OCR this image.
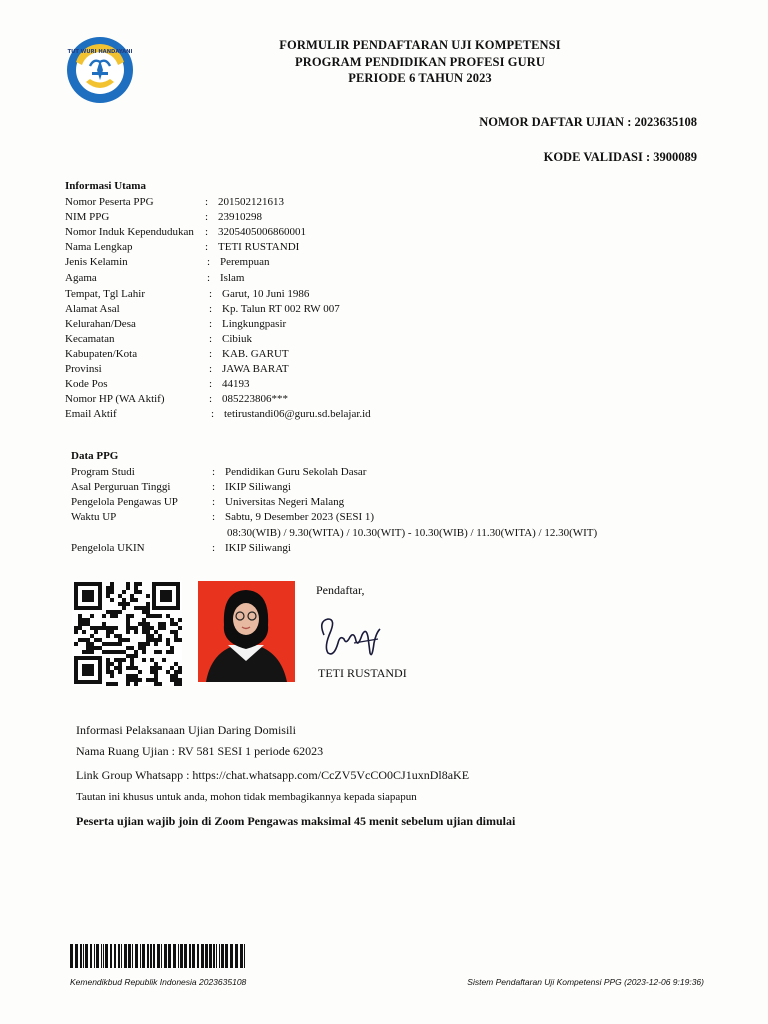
TUT WURI HANDAYANI	FORMULIR PENDAFTARAN UJI KOMPETENSI
PROGRAM PENDIDIKAN PROFESI GURU
PERIODE 6 TAHUN 2023
NOMOR DAFTAR UJIAN : 2023635108
KODE VALIDASI : 3900089
Informasi Utama
Nomor Peserta PPG	: 201502121613
NIM PPG	: 23910298
Nomor Induk Kependudukan : 3205405006860001
Nama Lengkap	: TETI RUSTANDI
Jenis Kelamin	: Perempuan
Agama	: Islam
Tempat, Tgl Lahir	: Garut, 10 Juni 1986
Alamat Asal	: Kp. Talun RT 002 RW 007
Kelurahan/Desa	: Lingkungpasir
Kecamatan	: Cibiuk
Kabupaten/Kota	: KAB. GARUT
Provinsi	: JAWA BARAT
Kode Pos	: 44193
Nomor HP (WA Aktif)	: 085223806***
Email Aktif	: tetirustandi06@guru.sd.belajar.id
Data PPG
Program Studi	: Pendidikan Guru Sekolah Dasar
Asal Perguruan Tinggi	: IKIP Siliwangi
Pengelola Pengawas UP	: Universitas Negeri Malang
Waktu UP	: Sabtu, 9 Desember 2023 (SESI 1)
08:30(WIB) / 9.30(WITA) / 10.30(WIT) - 10.30(WIB) / 11.30(WITA) / 12.30(WIT)
Pengelola UKIN	: IKIP Siliwangi
Pendaftar,
TETI RUSTANDI
Informasi Pelaksanaan Ujian Daring Domisili
Nama Ruang Ujian : RV 581 SESI 1 periode 62023
Link Group Whatsapp : https://chat.whatsapp.com/CcZV5VcCO0CJ1uxnDl8aKE
Tautan ini khusus untuk anda, mohon tidak membagikannya kepada siapapun
Peserta ujian wajib join di Zoom Pengawas maksimal 45 menit sebelum ujian dimulai
Kemendikbud Republik Indonesia 2023635108	Sistem Pendaftaran Uji Kompetensi PPG (2023-12-06 9:19:36)
